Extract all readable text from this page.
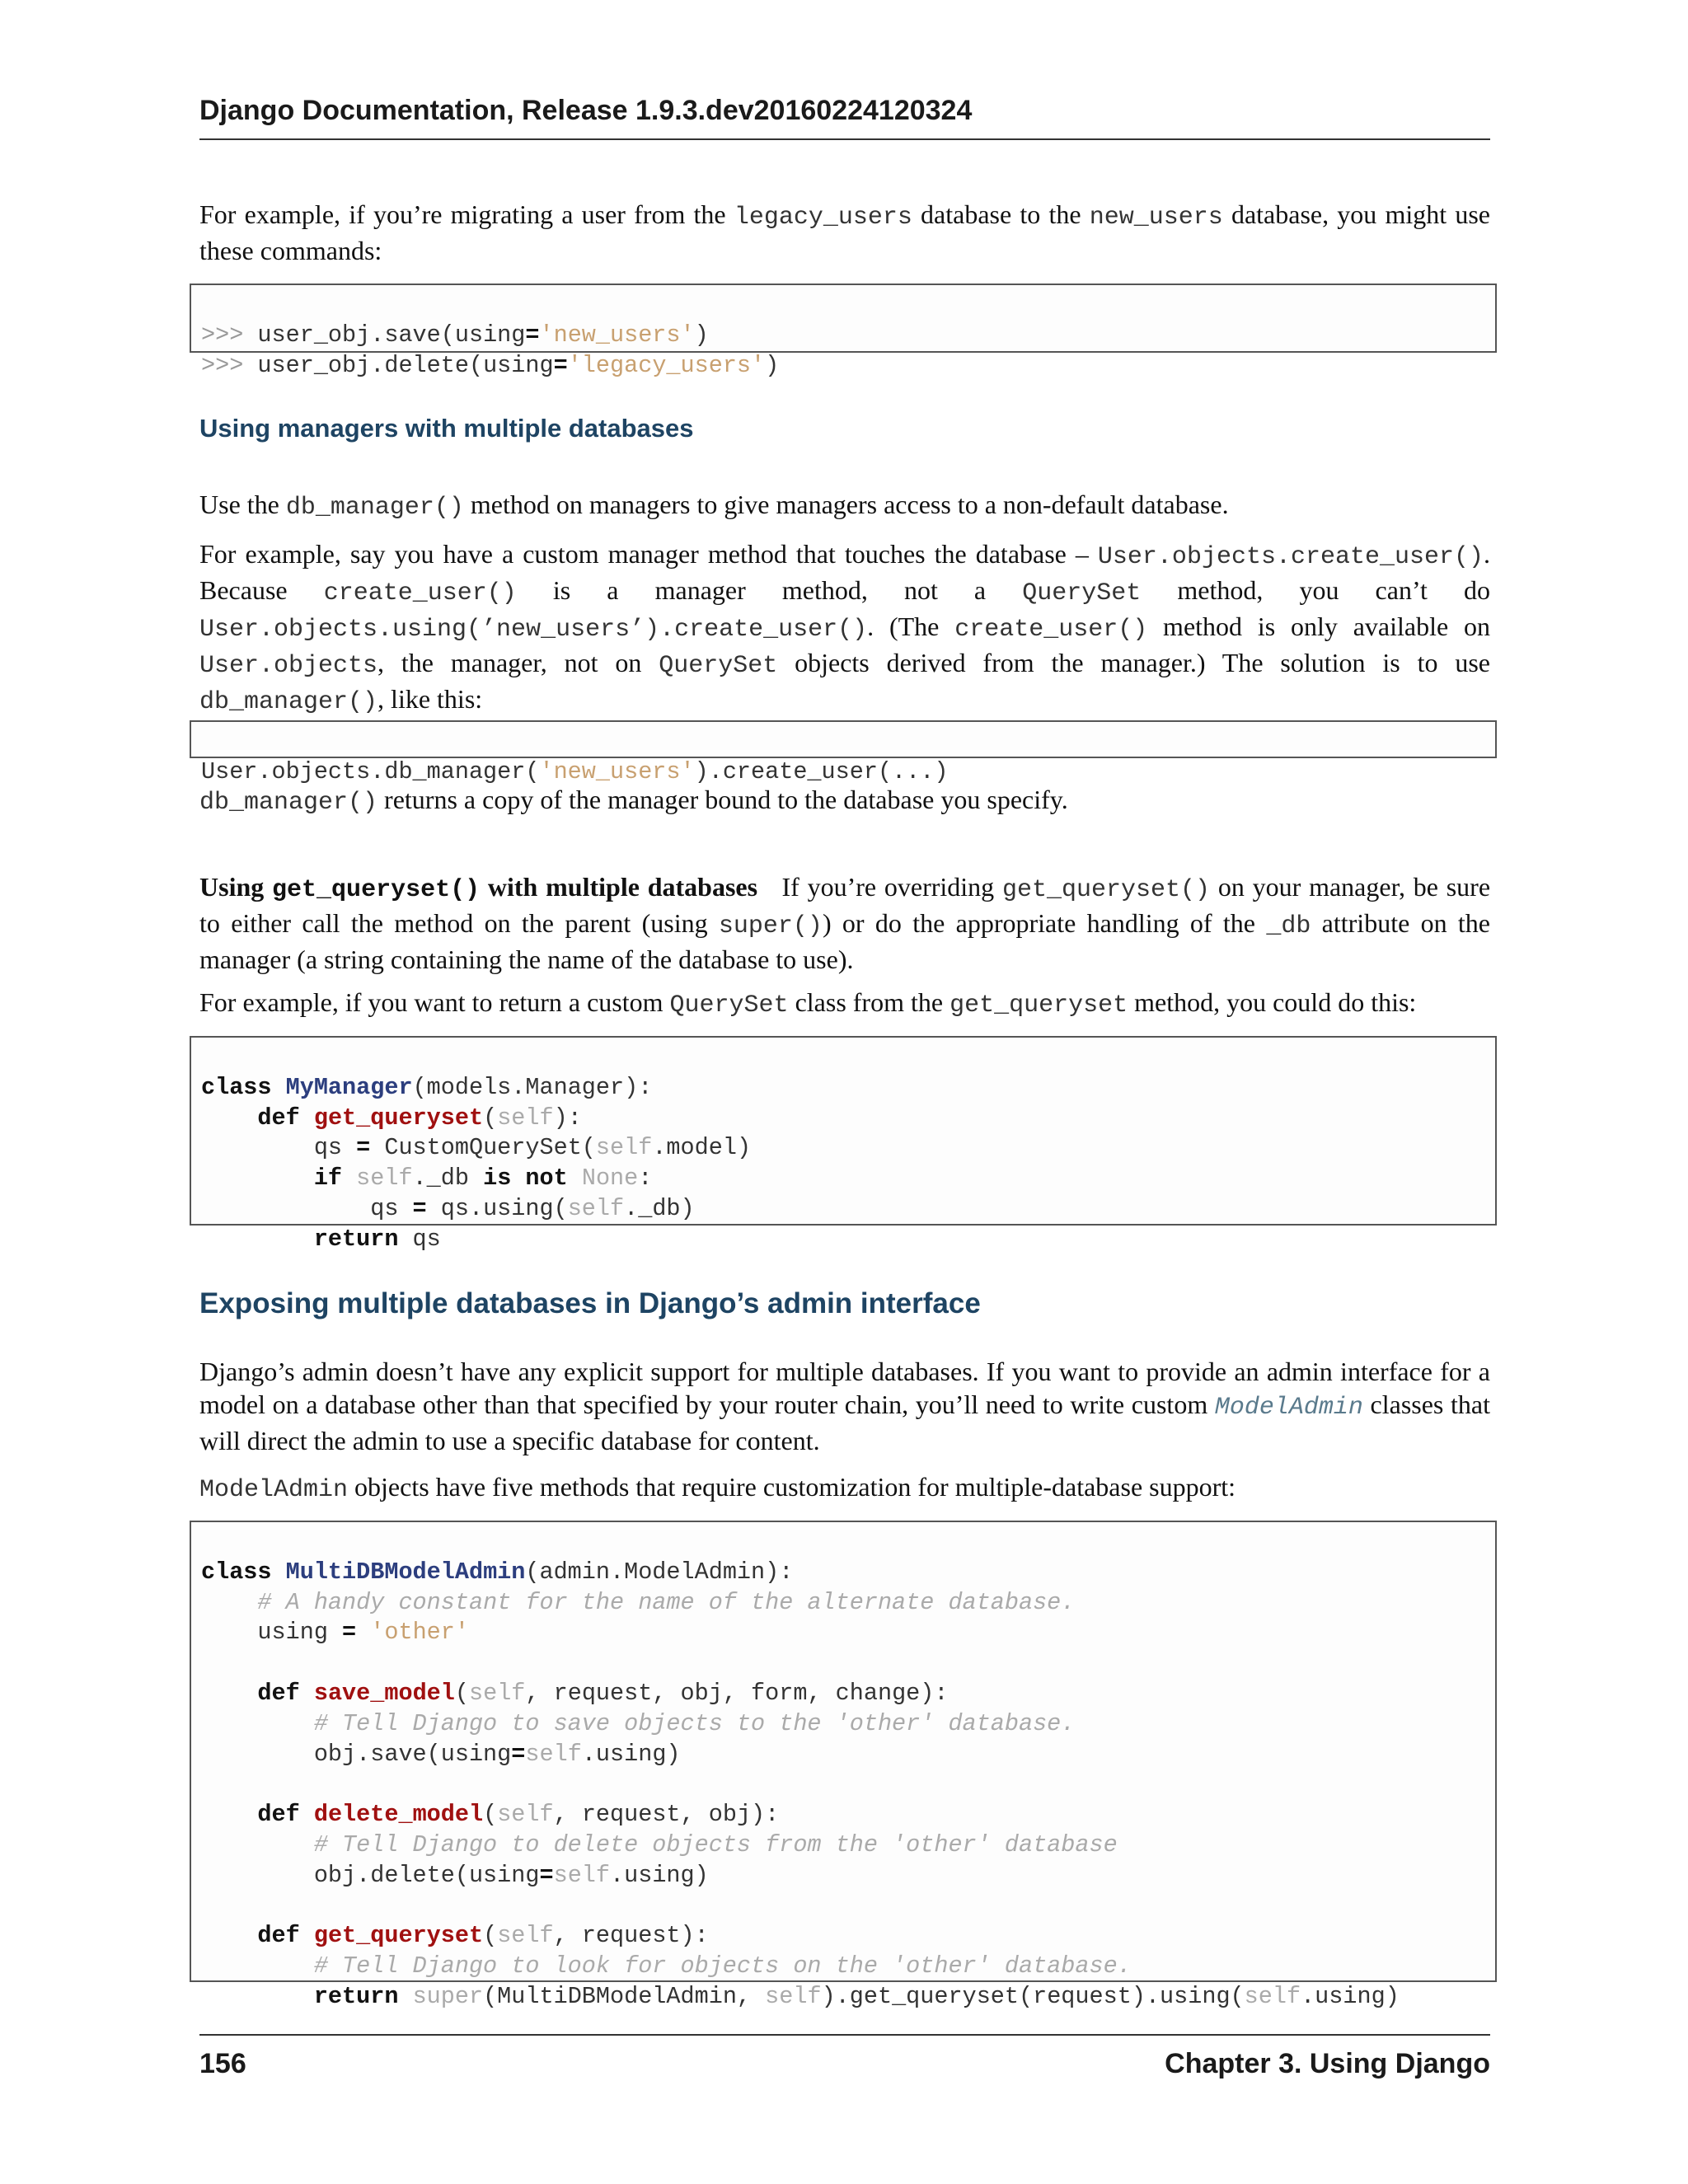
Django Documentation, Release 1.9.3.dev20160224120324

For example, if you’re migrating a user from the legacy_users database to the new_users database, you might use these commands:

>>> user_obj.save(using='new_users')
>>> user_obj.delete(using='legacy_users')
Using managers with multiple databases

Use the db_manager() method on managers to give managers access to a non-default database.

For example, say you have a custom manager method that touches the database – User.objects.create_user(). Because create_user() is a manager method, not a QuerySet method, you can’t do User.objects.using(’new_users’).create_user(). (The create_user() method is only available on User.objects, the manager, not on QuerySet objects derived from the manager.) The solution is to use db_manager(), like this:

User.objects.db_manager('new_users').create_user(...)

db_manager() returns a copy of the manager bound to the database you specify.

Using get_queryset() with multiple databases If you’re overriding get_queryset() on your manager, be sure to either call the method on the parent (using super()) or do the appropriate handling of the _db attribute on the manager (a string containing the name of the database to use).

For example, if you want to return a custom QuerySet class from the get_queryset method, you could do this:

class MyManager(models.Manager):
def get_queryset(self):
qs = CustomQuerySet(self.model)
if self._db is not None:
qs = qs.using(self._db)
return qs
Exposing multiple databases in Django’s admin interface

Django’s admin doesn’t have any explicit support for multiple databases. If you want to provide an admin interface for a model on a database other than that specified by your router chain, you’ll need to write custom ModelAdmin classes that will direct the admin to use a specific database for content.

ModelAdmin objects have five methods that require customization for multiple-database support:

class MultiDBModelAdmin(admin.ModelAdmin):
# A handy constant for the name of the alternate database.
using = 'other'

def save_model(self, request, obj, form, change):
# Tell Django to save objects to the 'other' database.
obj.save(using=self.using)

def delete_model(self, request, obj):
# Tell Django to delete objects from the 'other' database
obj.delete(using=self.using)

def get_queryset(self, request):
# Tell Django to look for objects on the 'other' database.
return super(MultiDBModelAdmin, self).get_queryset(request).using(self.using)
156	Chapter 3. Using Django
